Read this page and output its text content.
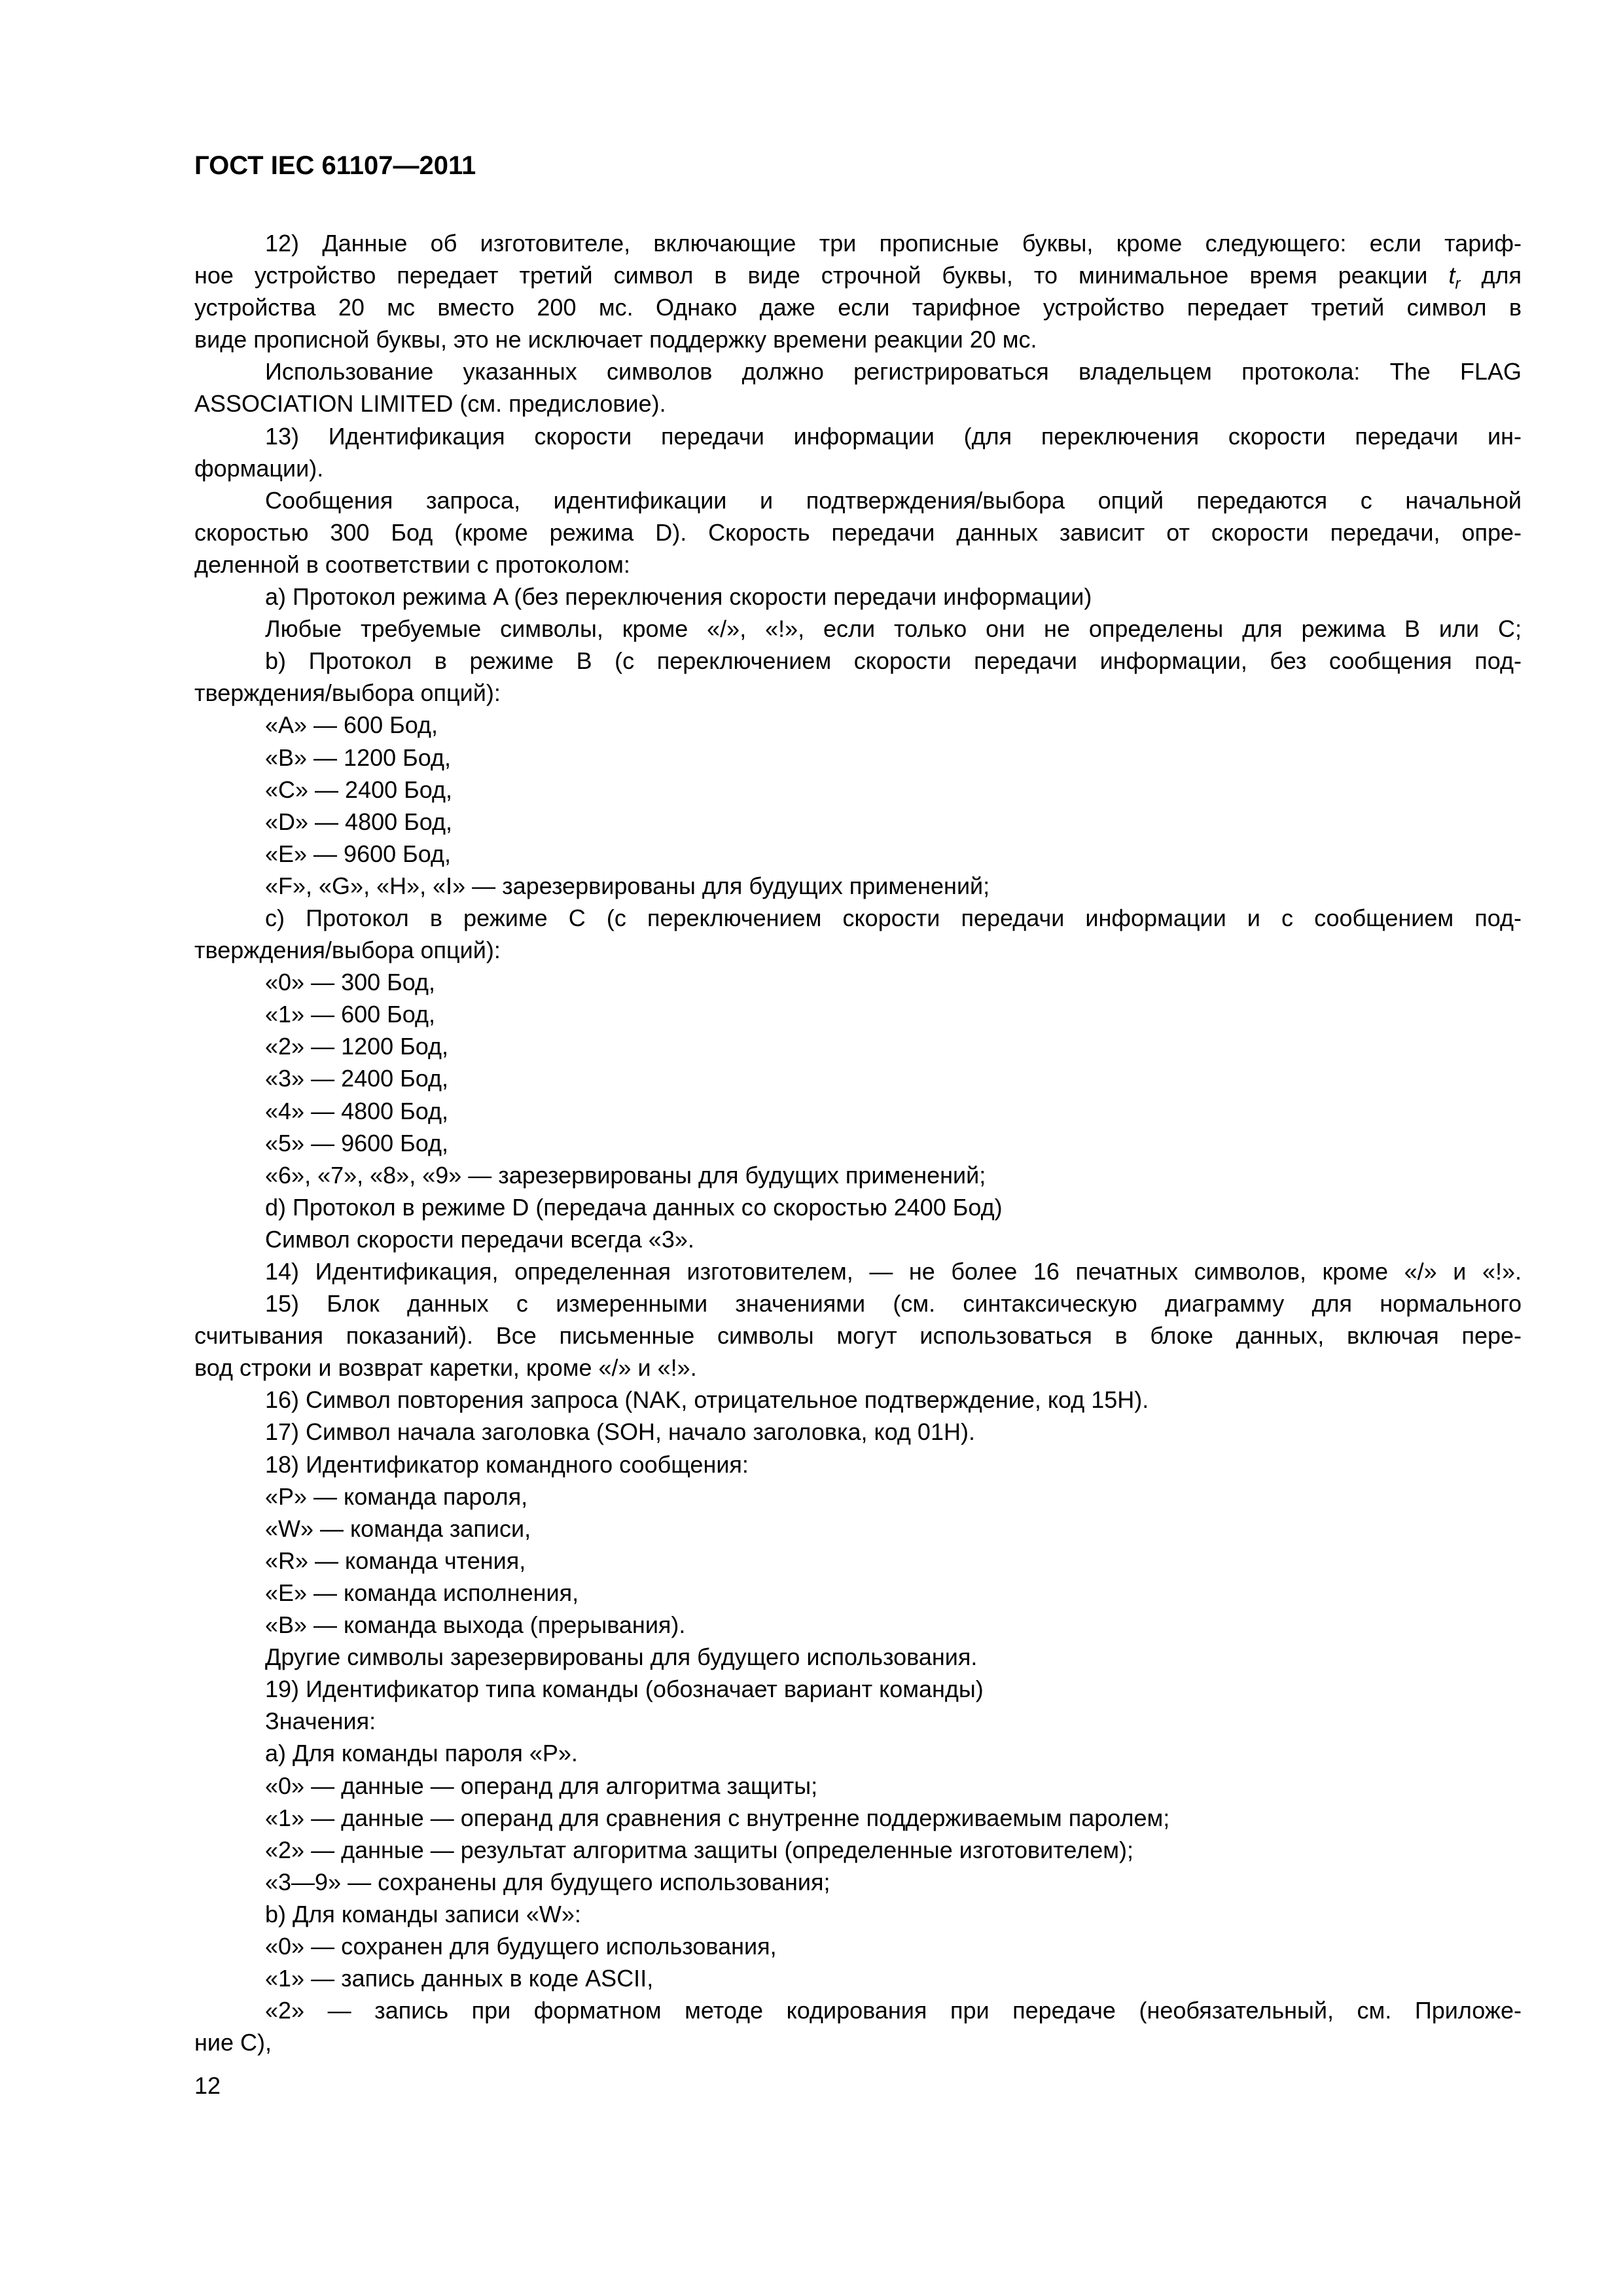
ГОСТ IEC 61107—2011
12) Данные об изготовителе, включающие три прописные буквы, кроме следующего: если тариф-
ное устройство передает третий символ в виде строчной буквы, то минимальное время реакции $t_r$ для
устройства 20 мс вместо 200 мс. Однако даже если тарифное устройство передает третий символ в
виде прописной буквы, это не исключает поддержку времени реакции 20 мс.
Использование указанных символов должно регистрироваться владельцем протокола: The FLAG
ASSOCIATION LIMITED (см. предисловие).
13) Идентификация скорости передачи информации (для переключения скорости передачи ин-
формации).
Сообщения запроса, идентификации и подтверждения/выбора опций передаются с начальной
скоростью 300 Бод (кроме режима D). Скорость передачи данных зависит от скорости передачи, опре-
деленной в соответствии с протоколом:
a) Протокол режима A (без переключения скорости передачи информации)
Любые требуемые символы, кроме «/», «!», если только они не определены для режима B или C;
b) Протокол в режиме B (с переключением скорости передачи информации, без сообщения под-
тверждения/выбора опций):
«A» — 600 Бод,
«B» — 1200 Бод,
«C» — 2400 Бод,
«D» — 4800 Бод,
«E» — 9600 Бод,
«F», «G», «H», «I» — зарезервированы для будущих применений;
c) Протокол в режиме C (с переключением скорости передачи информации и с сообщением под-
тверждения/выбора опций):
«0» — 300 Бод,
«1» — 600 Бод,
«2» — 1200 Бод,
«3» — 2400 Бод,
«4» — 4800 Бод,
«5» — 9600 Бод,
«6», «7», «8», «9» — зарезервированы для будущих применений;
d) Протокол в режиме D (передача данных со скоростью 2400 Бод)
Символ скорости передачи всегда «3».
14) Идентификация, определенная изготовителем, — не более 16 печатных символов, кроме «/» и «!».
15) Блок данных с измеренными значениями (см. синтаксическую диаграмму для нормального
считывания показаний). Все письменные символы могут использоваться в блоке данных, включая пере-
вод строки и возврат каретки, кроме «/» и «!».
16) Символ повторения запроса (NAK, отрицательное подтверждение, код 15H).
17) Символ начала заголовка (SOH, начало заголовка, код 01H).
18) Идентификатор командного сообщения:
«P» — команда пароля,
«W» — команда записи,
«R» — команда чтения,
«E» — команда исполнения,
«B» — команда выхода (прерывания).
Другие символы зарезервированы для будущего использования.
19) Идентификатор типа команды (обозначает вариант команды)
Значения:
a) Для команды пароля «P».
«0» — данные — операнд для алгоритма защиты;
«1» — данные — операнд для сравнения с внутренне поддерживаемым паролем;
«2» — данные — результат алгоритма защиты (определенные изготовителем);
«3—9» — сохранены для будущего использования;
b) Для команды записи «W»:
«0» — сохранен для будущего использования,
«1» — запись данных в коде ASCII,
«2» — запись при форматном методе кодирования при передаче (необязательный, см. Приложе-
ние C),
12
